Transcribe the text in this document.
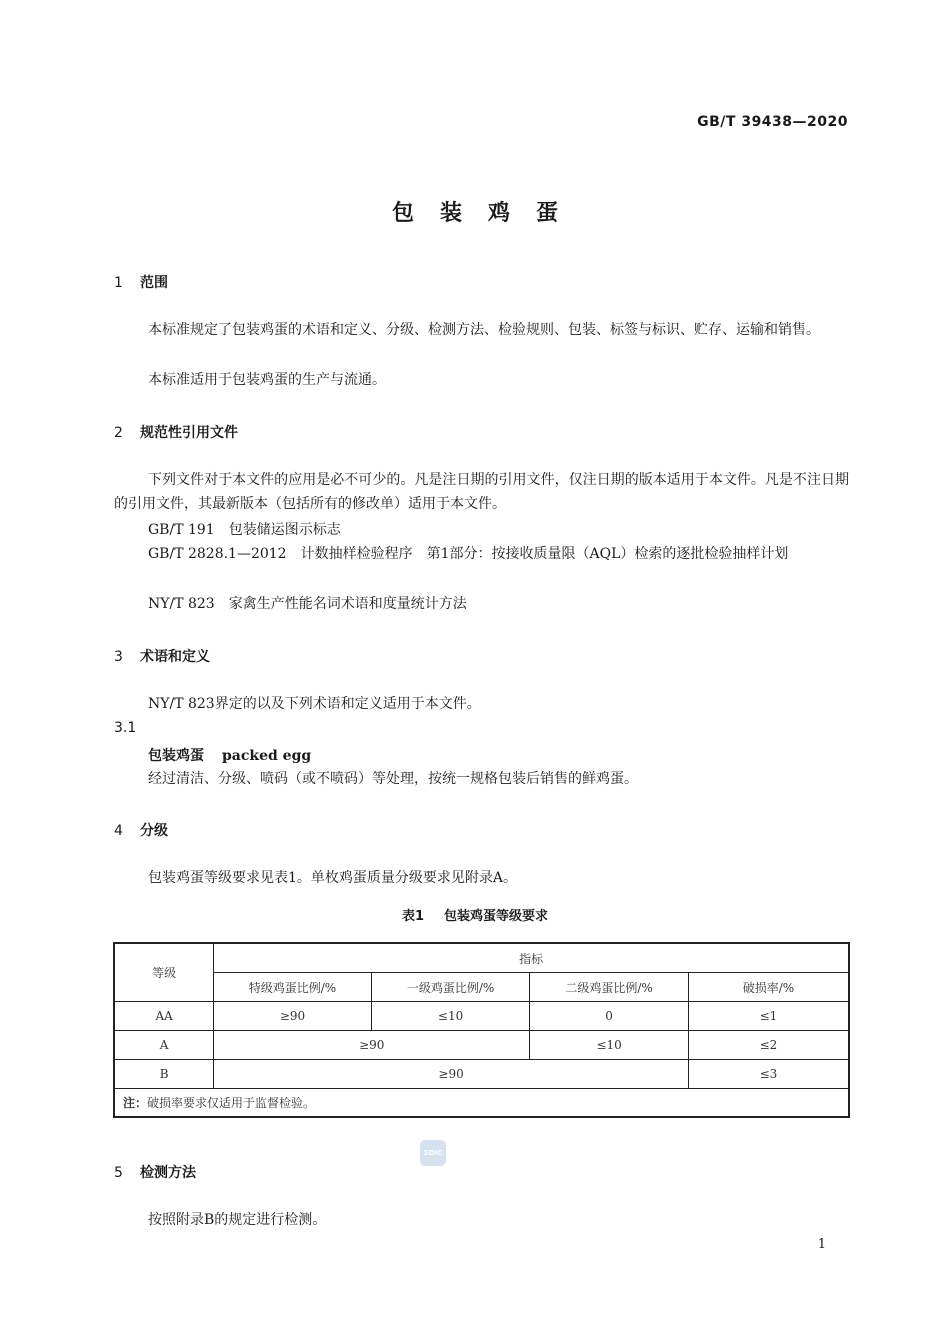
GB/T 39438—2020
包装鸡蛋
1 范围
本标准规定了包装鸡蛋的术语和定义、分级、检测方法、检验规则、包装、标签与标识、贮存、运输和销售。
本标准适用于包装鸡蛋的生产与流通。
2 规范性引用文件
下列文件对于本文件的应用是必不可少的。凡是注日期的引用文件，仅注日期的版本适用于本文件。凡是不注日期的引用文件，其最新版本（包括所有的修改单）适用于本文件。
GB/T 191 包装储运图示标志
GB/T 2828.1—2012 计数抽样检验程序　第1部分：按接收质量限（AQL）检索的逐批检验抽样计划
NY/T 823 家禽生产性能名词术语和度量统计方法
3 术语和定义
NY/T 823界定的以及下列术语和定义适用于本文件。
3.1
包装鸡蛋 packed egg
经过清洁、分级、喷码（或不喷码）等处理，按统一规格包装后销售的鲜鸡蛋。
4 分级
包装鸡蛋等级要求见表1。单枚鸡蛋质量分级要求见附录A。
表1 包装鸡蛋等级要求
等级	指标			
	特级鸡蛋比例/%	一级鸡蛋比例/%	二级鸡蛋比例/%	破损率/%
AA	≥90	≤10	0	≤1
A	≥90		≤10	≤2
B	≥90			≤3
注：破损率要求仅适用于监督检验。				
SDIC
5 检测方法
按照附录B的规定进行检测。
1
